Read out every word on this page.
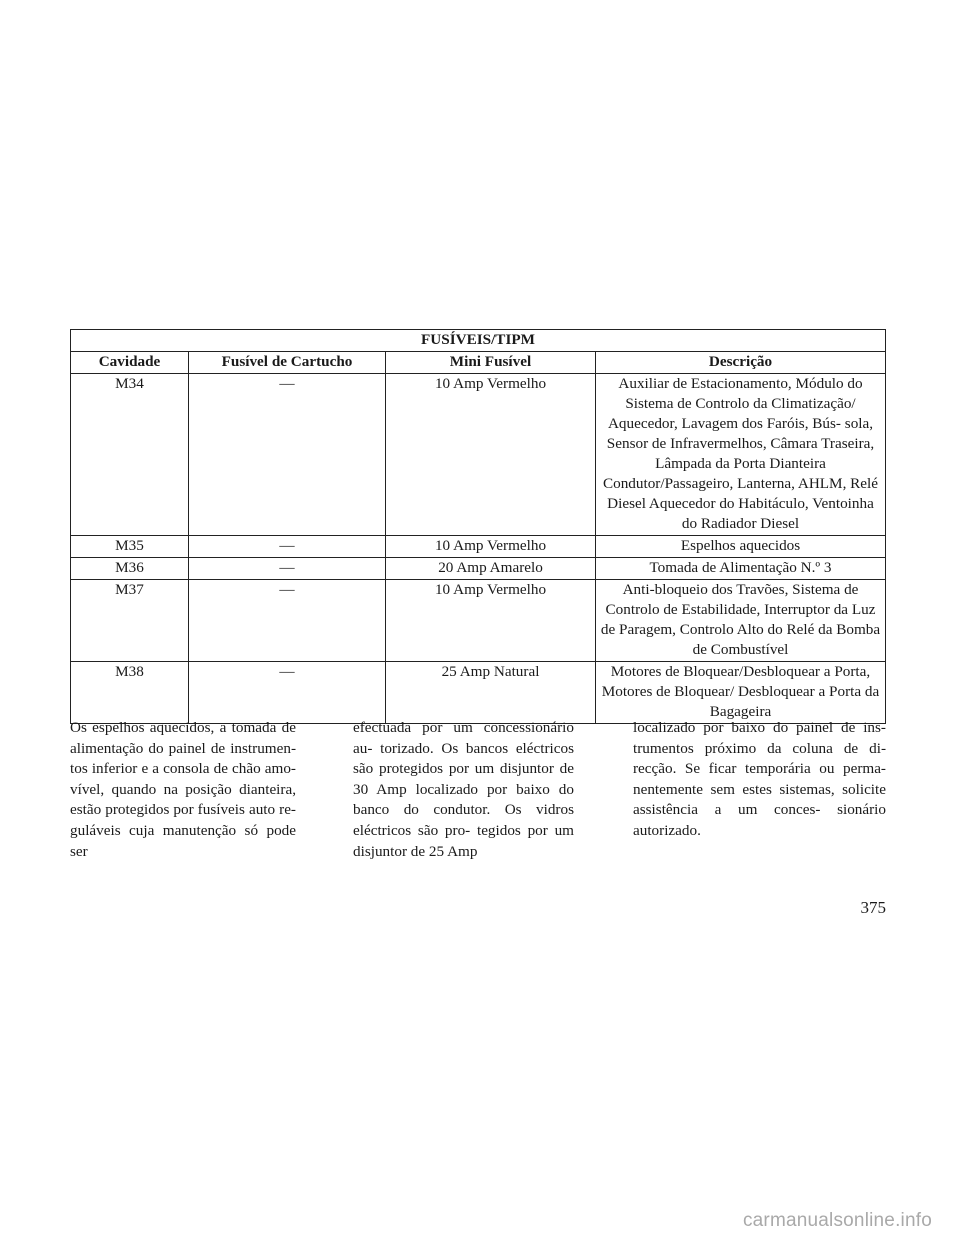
FUSÍVEIS/TIPM			
Cavidade	Fusível de Cartucho	Mini Fusível	Descrição
M34	—	10 Amp Vermelho	Auxiliar de Estacionamento, Módulo do Sistema de Controlo da Climatização/ Aquecedor, Lavagem dos Faróis, Bús- sola, Sensor de Infravermelhos, Câmara Traseira, Lâmpada da Porta Dianteira Condutor/Passageiro, Lanterna, AHLM, Relé Diesel Aquecedor do Habitáculo, Ventoinha do Radiador Diesel
M35	—	10 Amp Vermelho	Espelhos aquecidos
M36	—	20 Amp Amarelo	Tomada de Alimentação N.º 3
M37	—	10 Amp Vermelho	Anti-bloqueio dos Travões, Sistema de Controlo de Estabilidade, Interruptor da Luz de Paragem, Controlo Alto do Relé da Bomba de Combustível
M38	—	25 Amp Natural	Motores de Bloquear/Desbloquear a Porta, Motores de Bloquear/ Desbloquear a Porta da Bagageira

Os espelhos aquecidos, a tomada de alimentação do painel de instrumen- tos inferior e a consola de chão amo- vível, quando na posição dianteira, estão protegidos por fusíveis auto re- guláveis cuja manutenção só pode ser

efectuada por um concessionário au- torizado. Os bancos eléctricos são protegidos por um disjuntor de 30 Amp localizado por baixo do banco do condutor. Os vidros eléctricos são pro- tegidos por um disjuntor de 25 Amp

localizado por baixo do painel de ins- trumentos próximo da coluna de di- recção. Se ficar temporária ou perma- nentemente sem estes sistemas, solicite assistência a um conces- sionário autorizado.

375
carmanualsonline.info
